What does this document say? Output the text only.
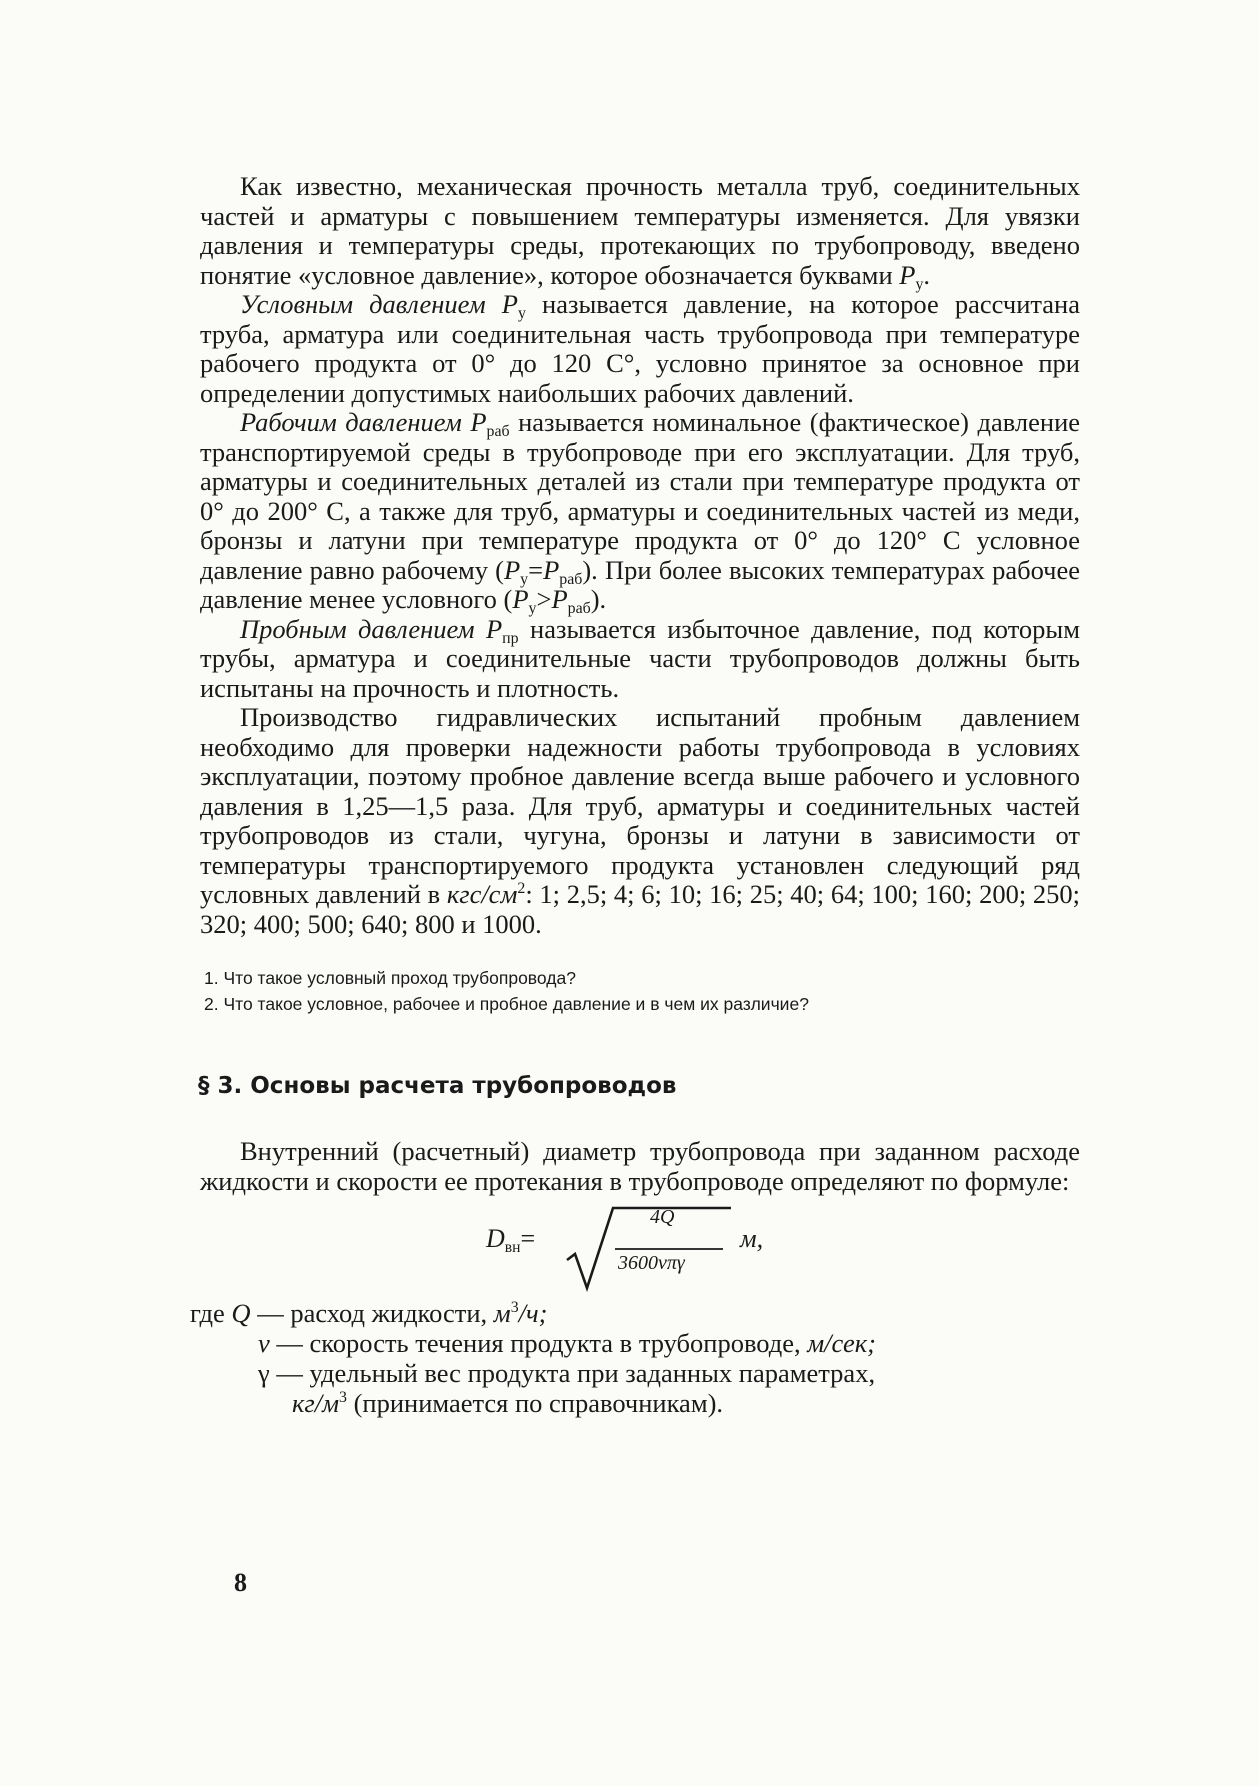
Как известно, механическая прочность металла труб, соединительных частей и арматуры с повышением температуры изменяется. Для увязки давления и температуры среды, протекающих по трубопроводу, введено понятие «условное давление», которое обозначается буквами $P_у$.

Условным давлением $P_у$ называется давление, на которое рассчитана труба, арматура или соединительная часть трубопровода при температуре рабочего продукта от 0° до 120 С°, условно принятое за основное при определении допустимых наибольших рабочих давлений.

Рабочим давлением $P_{раб}$ называется номинальное (фактическое) давление транспортируемой среды в трубопроводе при его эксплуатации. Для труб, арматуры и соединительных деталей из стали при температуре продукта от 0° до 200° С, а также для труб, арматуры и соединительных частей из меди, бронзы и латуни при температуре продукта от 0° до 120° С условное давление равно рабочему $(P_у=P_{раб})$. При более высоких температурах рабочее давление менее условного $(P_у>P_{раб})$.

Пробным давлением $P_{пр}$ называется избыточное давление, под которым трубы, арматура и соединительные части трубопроводов должны быть испытаны на прочность и плотность.

Производство гидравлических испытаний пробным давлением необходимо для проверки надежности работы трубопровода в условиях эксплуатации, поэтому пробное давление всегда выше рабочего и условного давления в 1,25—1,5 раза. Для труб, арматуры и соединительных частей трубопроводов из стали, чугуна, бронзы и латуни в зависимости от температуры транспортируемого продукта установлен следующий ряд условных давлений в кгс/$см^2$: 1; 2,5; 4; 6; 10; 16; 25; 40; 64; 100; 160; 200; 250; 320; 400; 500; 640; 800 и 1000.

1. Что такое условный проход трубопровода?
2. Что такое условное, рабочее и пробное давление и в чем их различие?
§ 3. Основы расчета трубопроводов

Внутренний (расчетный) диаметр трубопровода при заданном расходе жидкости и скорости ее протекания в трубопроводе определяют по формуле:

$D_{вн}=$
4Q
3600vπγ
м,
где Q — расход жидкости, $м^3/ч$;
v — скорость течения продукта в трубопроводе, м/сек;
γ — удельный вес продукта при заданных параметрах,
$кг/м^3$ (принимается по справочникам).
8
